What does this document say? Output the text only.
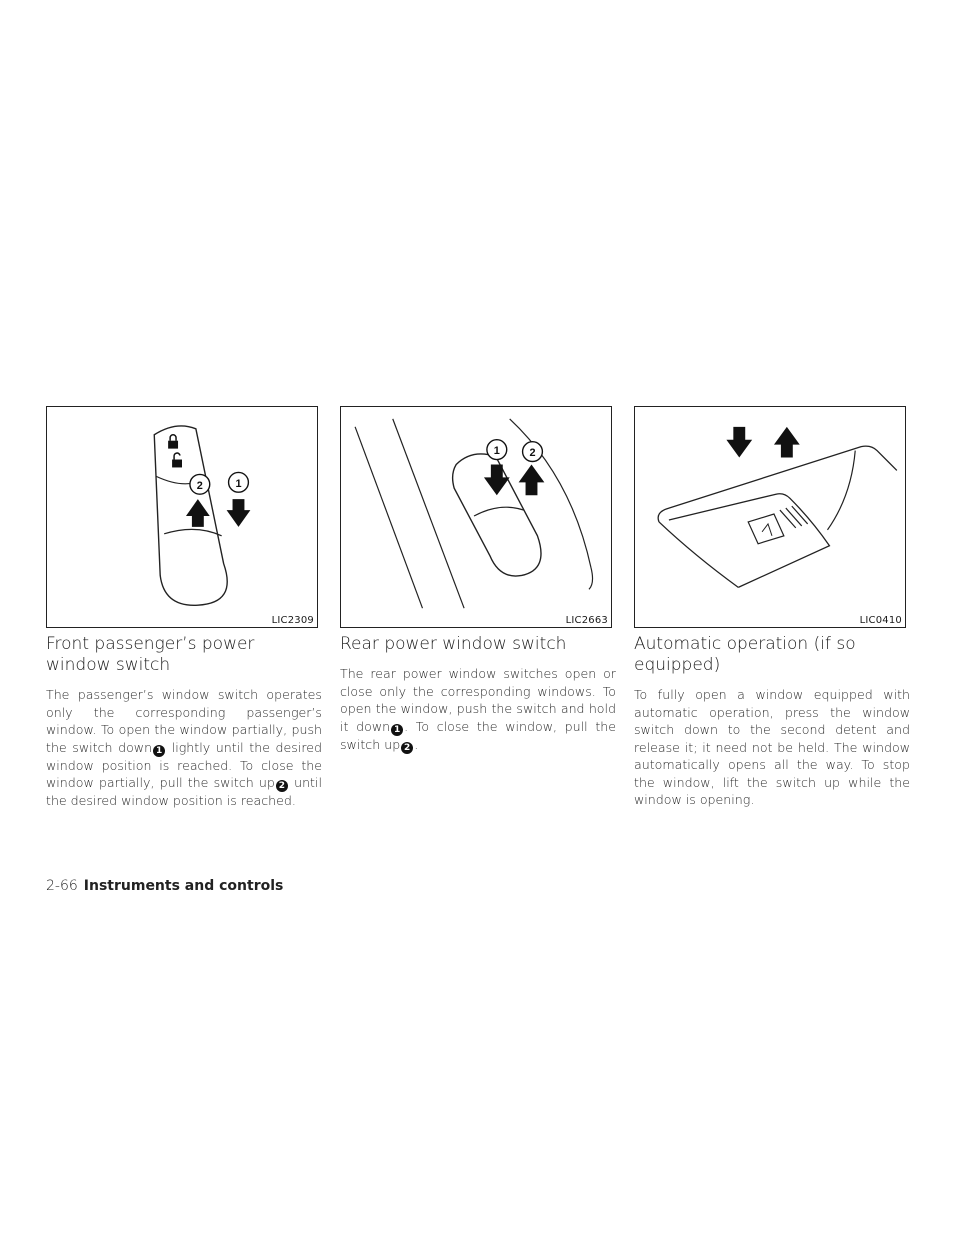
2	1
LIC2309
1	2
LIC2663	LIC0410
Front passenger’s power window switch

The passenger’s window switch operates only the corresponding passenger’s window. To open the window partially, push the switch down 1 lightly until the desired window position is reached. To close the window partially, pull the switch up 2 until the desired window position is reached.

Rear power window switch

The rear power window switches open or close only the corresponding windows. To open the window, push the switch and hold it down 1 . To close the window, pull the switch up 2 .

Automatic operation (if so equipped)

To fully open a window equipped with automatic operation, press the window switch down to the second detent and release it; it need not be held. The window automatically opens all the way. To stop the window, lift the switch up while the window is opening.

2-66 Instruments and controls
